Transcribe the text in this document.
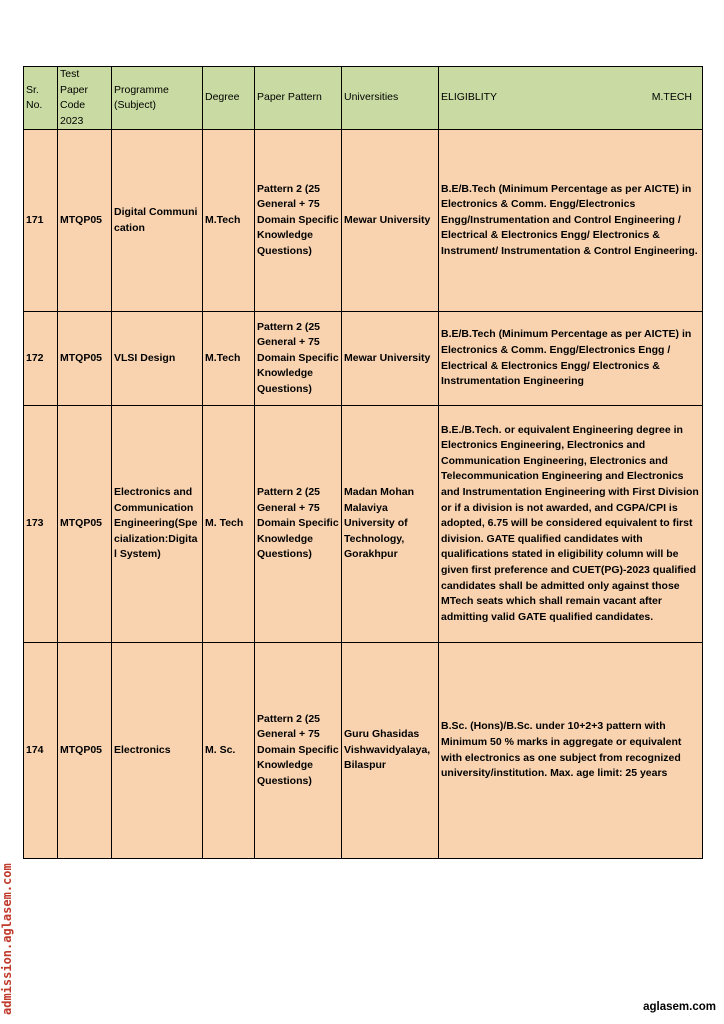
Sr. No.	Test Paper Code 2023	Programme (Subject)	Degree	Paper Pattern	Universities	ELIGIBLITY M.TECH

171	MTQP05	Digital Communication	M.Tech	Pattern 2 (25 General + 75 Domain Specific Knowledge Questions)	Mewar University	B.E/B.Tech (Minimum Percentage as per AICTE) in Electronics & Comm. Engg/Electronics Engg/Instrumentation and Control Engineering / Electrical & Electronics Engg/ Electronics & Instrument/ Instrumentation & Control Engineering.
172	MTQP05	VLSI Design	M.Tech	Pattern 2 (25 General + 75 Domain Specific Knowledge Questions)	Mewar University	B.E/B.Tech (Minimum Percentage as per AICTE) in Electronics & Comm. Engg/Electronics Engg / Electrical & Electronics Engg/ Electronics & Instrumentation Engineering
173	MTQP05	Electronics and Communication Engineering(Specialization:Digital System)	M. Tech	Pattern 2 (25 General + 75 Domain Specific Knowledge Questions)	Madan Mohan Malaviya University of Technology, Gorakhpur	B.E./B.Tech. or equivalent Engineering degree in Electronics Engineering, Electronics and Communication Engineering, Electronics and Telecommunication Engineering and Electronics and Instrumentation Engineering with First Division or if a division is not awarded, and CGPA/CPI is adopted, 6.75 will be considered equivalent to first division. GATE qualified candidates with qualifications stated in eligibility column will be given first preference and CUET(PG)-2023 qualified candidates shall be admitted only against those MTech seats which shall remain vacant after admitting valid GATE qualified candidates.
174	MTQP05	Electronics	M. Sc.	Pattern 2 (25 General + 75 Domain Specific Knowledge Questions)	Guru Ghasidas Vishwavidyalaya, Bilaspur	B.Sc. (Hons)/B.Sc. under 10+2+3 pattern with Minimum 50 % marks in aggregate or equivalent with electronics as one subject from recognized university/institution. Max. age limit: 25 years
admission.aglasem.com	aglasem.com
